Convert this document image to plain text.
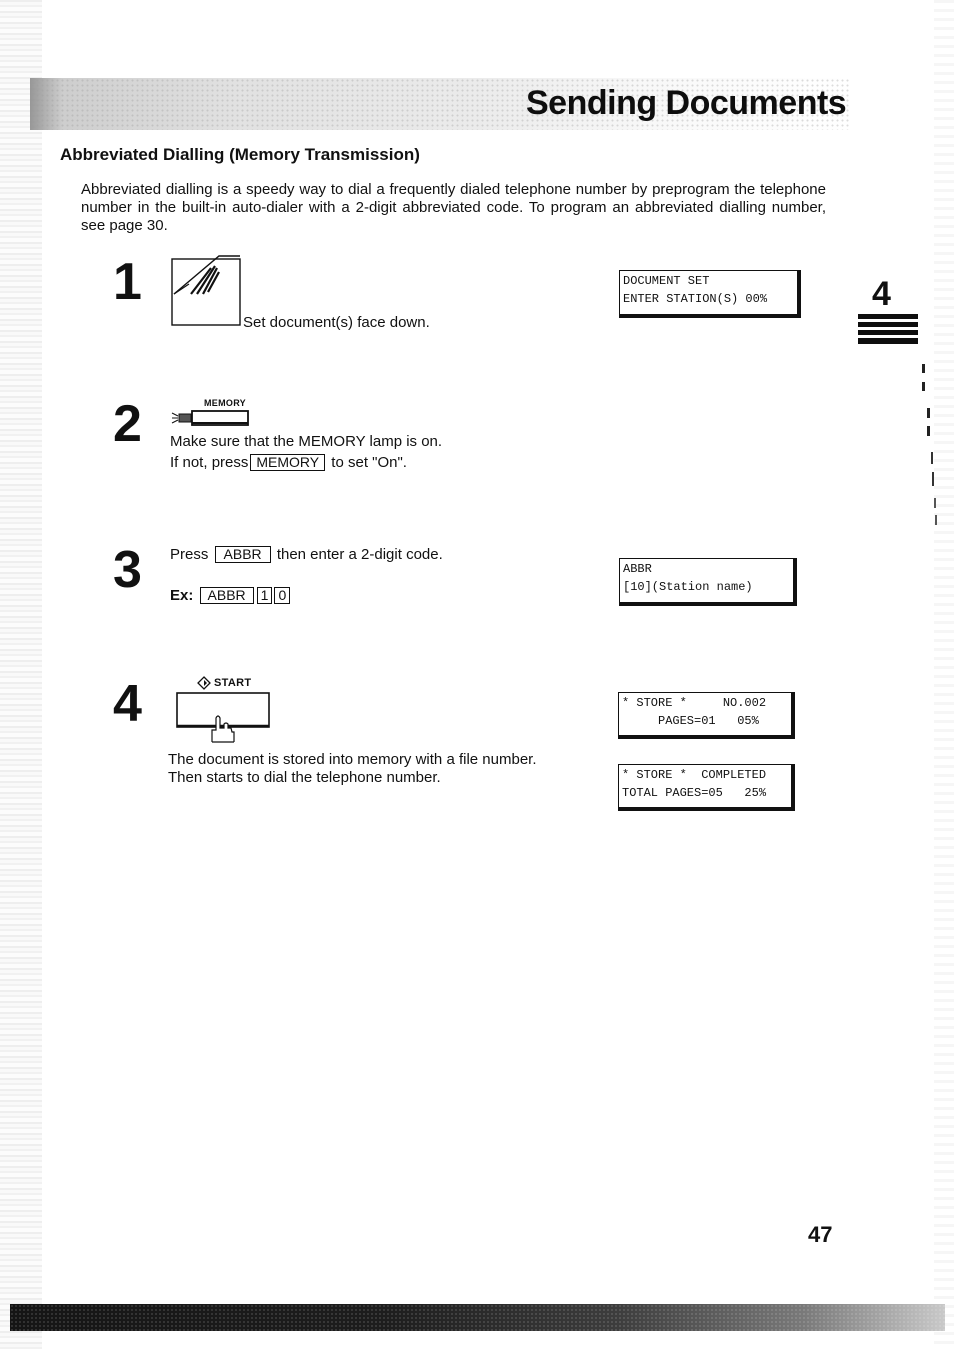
Sending Documents
Abbreviated Dialling (Memory Transmission)
Abbreviated dialling is a speedy way to dial a frequently dialed telephone number by preprogram the telephone number in the built-in auto-dialer with a 2-digit abbreviated code. To program an abbreviated dialling number, see page 30.
4
1
Set document(s) face down.
DOCUMENT SET
ENTER STATION(S) 00%
2	MEMORY
Make sure that the MEMORY lamp is on.
If not, press MEMORY to set "On".
3 Press ABBR then enter a 2-digit code.
Ex: ABBR 1 0
ABBR
[10](Station name)
4	START
The document is stored into memory with a file number.
Then starts to dial the telephone number.
* STORE *     NO.002
PAGES=01   05%
* STORE *  COMPLETED
TOTAL PAGES=05   25%
47
